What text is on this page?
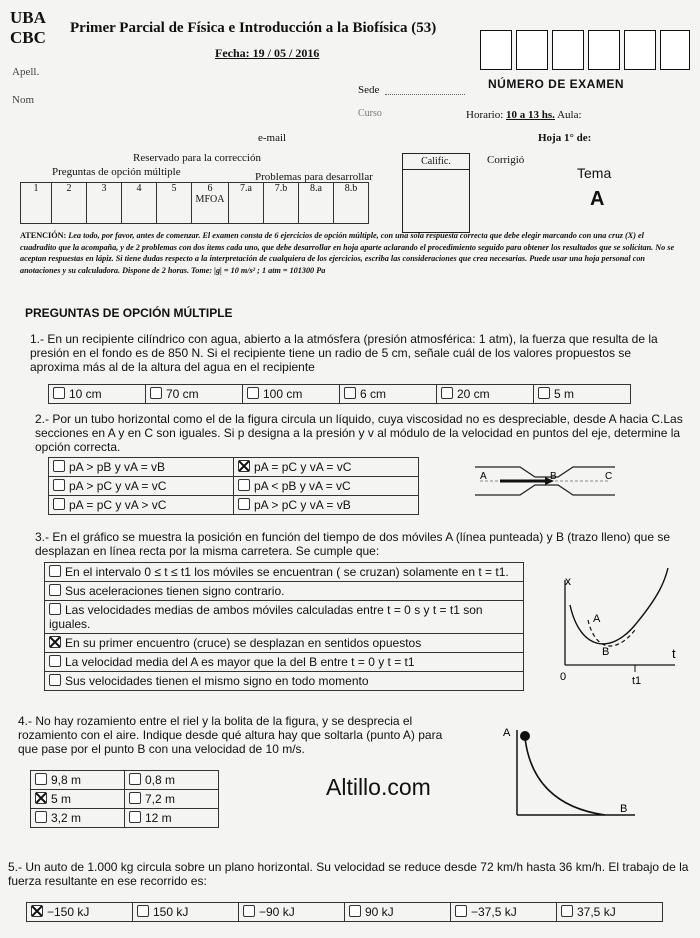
UBA
CBC Primer Parcial de Física e Introducción a la Biofísica (53)
Fecha: 19 / 05 / 2016
NÚMERO DE EXAMEN
Apell.
Nom
Sede
Curso	Horario: 10 a 13 hs. Aula:
e-mail	Hoja 1° de:
Reservado para la corrección
Preguntas de opción múltiple	Problemas para desarrollar
1	2	3	4	5	6 MFOA	7.a	7.b	8.a	8.b
Calific.	Corrigió
Tema
A
ATENCIÓN: Lea todo, por favor, antes de comenzar. El examen consta de 6 ejercicios de opción múltiple, con una sola respuesta correcta que debe elegir marcando con una cruz (X) el cuadradito que la acompaña, y de 2 problemas con dos ítems cada uno, que debe desarrollar en hoja aparte aclarando el procedimiento seguido para obtener los resultados que se solicitan. No se aceptan respuestas en lápiz. Si tiene dudas respecto a la interpretación de cualquiera de los ejercicios, escriba las consideraciones que crea necesarias. Puede usar una hoja personal con anotaciones y su calculadora. Dispone de 2 horas. Tome: |g| = 10 m/s² ; 1 atm = 101300 Pa
PREGUNTAS DE OPCIÓN MÚLTIPLE
1.- En un recipiente cilíndrico con agua, abierto a la atmósfera (presión atmosférica: 1 atm), la fuerza que resulta de la presión en el fondo es de 850 N. Si el recipiente tiene un radio de 5 cm, señale cuál de los valores propuestos se aproxima más al de la altura del agua en el recipiente
10 cm	70 cm	100 cm	6 cm	20 cm	5 m
2.- Por un tubo horizontal como el de la figura circula un líquido, cuya viscosidad no es despreciable, desde A hacia C.Las secciones en A y en C son iguales. Si p designa a la presión y v al módulo de la velocidad en puntos del eje, determine la opción correcta.
pA > pB y vA = vB	pA = pC y vA = vC
pA > pC y vA = vC	pA < pB y vA = vC
pA = pC y vA > vC	pA > pC y vA = vB
A	B	C
3.- En el gráfico se muestra la posición en función del tiempo de dos móviles A (línea punteada) y B (trazo lleno) que se desplazan en línea recta por la misma carretera. Se cumple que:
En el intervalo 0 ≤ t ≤ t1 los móviles se encuentran ( se cruzan) solamente en t = t1.
Sus aceleraciones tienen signo contrario.
Las velocidades medias de ambos móviles calculadas entre t = 0 s y t = t1 son iguales.
En su primer encuentro (cruce) se desplazan en sentidos opuestos
La velocidad media del A es mayor que la del B entre t = 0 y t = t1
Sus velocidades tienen el mismo signo en todo momento
x
t
0	t1
A
B
4.- No hay rozamiento entre el riel y la bolita de la figura, y se desprecia el rozamiento con el aire. Indique desde qué altura hay que soltarla (punto A) para que pase por el punto B con una velocidad de 10 m/s.
9,8 m	0,8 m
5 m	7,2 m
3,2 m	12 m
Altillo.com
A
B
5.- Un auto de 1.000 kg circula sobre un plano horizontal. Su velocidad se reduce desde 72 km/h hasta 36 km/h. El trabajo de la fuerza resultante en ese recorrido es:
−150 kJ	150 kJ	−90 kJ	90 kJ	−37,5 kJ	37,5 kJ
